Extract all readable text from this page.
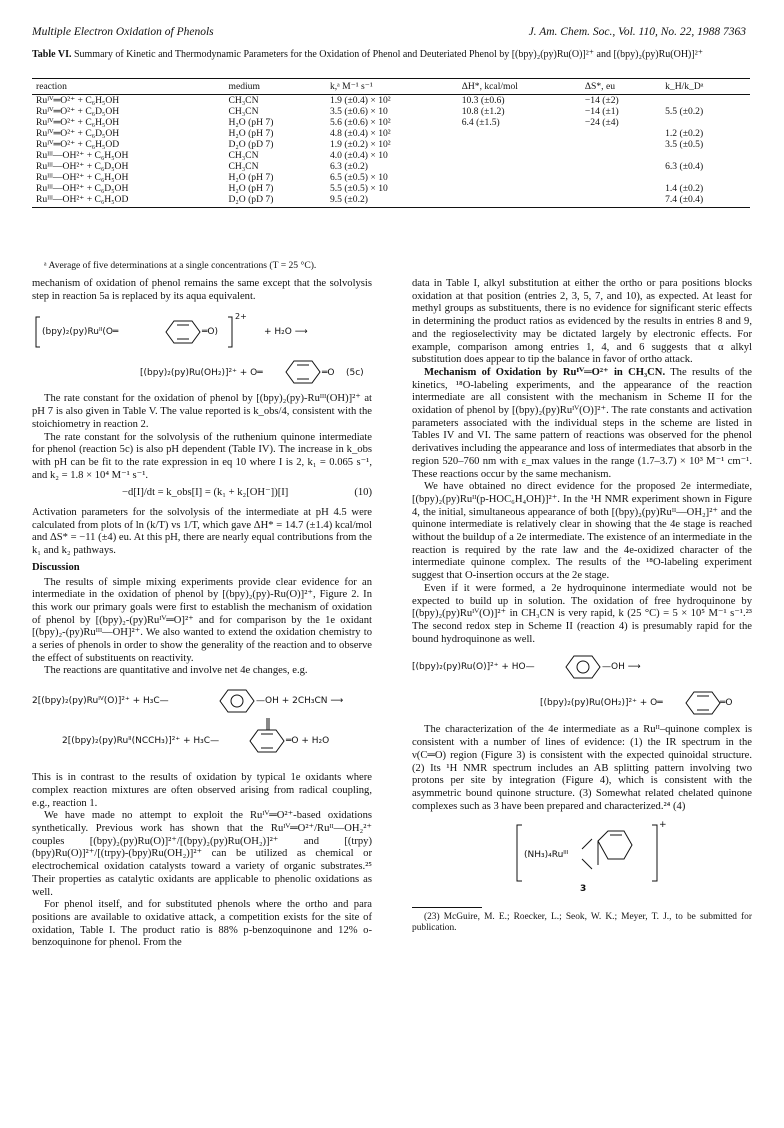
Multiple Electron Oxidation of Phenols	J. Am. Chem. Soc., Vol. 110, No. 22, 1988 7363
Table VI. Summary of Kinetic and Thermodynamic Parameters for the Oxidation of Phenol and Deuteriated Phenol by [(bpy)₂(py)Ru(O)]²⁺ and [(bpy)₂(py)Ru(OH)]²⁺
reaction	medium	k,ᵃ M⁻¹ s⁻¹	ΔH*, kcal/mol	ΔS*, eu	k_H/k_Dᵃ
Ruᴵⱽ═O²⁺ + C₆H₅OH	CH₃CN	1.9 (±0.4) × 10²	10.3 (±0.6)	−14 (±2)	
Ruᴵⱽ═O²⁺ + C₆D₅OH	CH₃CN	3.5 (±0.6) × 10	10.8 (±1.2)	−14 (±1)	5.5 (±0.2)
Ruᴵⱽ═O²⁺ + C₆H₅OH	H₂O (pH 7)	5.6 (±0.6) × 10²	6.4 (±1.5)	−24 (±4)	
Ruᴵⱽ═O²⁺ + C₆D₅OH	H₂O (pH 7)	4.8 (±0.4) × 10²			1.2 (±0.2)
Ruᴵⱽ═O²⁺ + C₆H₅OD	D₂O (pD 7)	1.9 (±0.2) × 10²			3.5 (±0.5)
Ruᴵᴵᴵ—OH²⁺ + C₆H₅OH	CH₃CN	4.0 (±0.4) × 10			
Ruᴵᴵᴵ—OH²⁺ + C₆D₅OH	CH₃CN	6.3 (±0.2)			6.3 (±0.4)
Ruᴵᴵᴵ—OH²⁺ + C₆H₅OH	H₂O (pH 7)	6.5 (±0.5) × 10			
Ruᴵᴵᴵ—OH²⁺ + C₆D₅OH	H₂O (pH 7)	5.5 (±0.5) × 10			1.4 (±0.2)
Ruᴵᴵᴵ—OH²⁺ + C₆H₅OD	D₂O (pD 7)	9.5 (±0.2)			7.4 (±0.4)
ᵃ Average of five determinations at a single concentrations (T = 25 °C).

mechanism of oxidation of phenol remains the same except that the solvolysis step in reaction 5a is replaced by its aqua equivalent.

(bpy)₂(py)Ruᴵᴵ(O═	═O)
2+
+ H₂O ⟶
[(bpy)₂(py)Ru(OH₂)]²⁺ + O═	═O (5c)

The rate constant for the oxidation of phenol by [(bpy)₂(py)-Ruᴵᴵᴵ(OH)]²⁺ at pH 7 is also given in Table V. The value reported is k_obs/4, consistent with the stoichiometry in reaction 2.

The rate constant for the solvolysis of the ruthenium quinone intermediate for phenol (reaction 5c) is also pH dependent (Table IV). The increase in k_obs with pH can be fit to the rate expression in eq 10 where I is 2, k₁ = 0.065 s⁻¹, and k₂ = 1.8 × 10⁴ M⁻¹ s⁻¹.

−d[I]/dt = k_obs[I] = (k₁ + k₂[OH⁻])[I]	(10)

Activation parameters for the solvolysis of the intermediate at pH 4.5 were calculated from plots of ln (k/T) vs 1/T, which gave ΔH* = 14.7 (±1.4) kcal/mol and ΔS* = −11 (±4) eu. At this pH, there are nearly equal contributions from the k₁ and k₂ pathways.

Discussion

The results of simple mixing experiments provide clear evidence for an intermediate in the oxidation of phenol by [(bpy)₂(py)-Ru(O)]²⁺, Figure 2. In this work our primary goals were first to establish the mechanism of oxidation of phenol by [(bpy)₂-(py)Ruᴵⱽ═O]²⁺ and for comparison by the 1e oxidant [(bpy)₂-(py)Ruᴵᴵᴵ—OH]²⁺. We also wanted to extend the oxidation chemistry to a series of phenols in order to show the generality of the reaction and to observe the effect of substituents on reactivity.

The reactions are quantitative and involve net 4e changes, e.g.

2[(bpy)₂(py)Ruᴵⱽ(O)]²⁺ + H₃C—	—OH + 2CH₃CN ⟶
2[(bpy)₂(py)Ruᴵᴵ(NCCH₃)]²⁺ + H₃C—	═O + H₂O

This is in contrast to the results of oxidation by typical 1e oxidants where complex reaction mixtures are often observed arising from radical coupling, e.g., reaction 1.

We have made no attempt to exploit the Ruᴵⱽ═O²⁺-based oxidations synthetically. Previous work has shown that the Ruᴵⱽ═O²⁺/Ruᴵᴵ—OH₂²⁺ couples [(bpy)₂(py)Ru(O)]²⁺/[(bpy)₂(py)Ru(OH₂)]²⁺ and [(trpy)(bpy)Ru(O)]²⁺/[(trpy)-(bpy)Ru(OH₂)]²⁺ can be utilized as chemical or electrochemical oxidation catalysts toward a variety of organic substrates.²⁵ Their properties as catalytic oxidants are applicable to phenolic oxidations as well.

For phenol itself, and for substituted phenols where the ortho and para positions are available to oxidative attack, a competition exists for the site of oxidation, Table I. The product ratio is 88% p-benzoquinone and 12% o-benzoquinone for phenol. From the

data in Table I, alkyl substitution at either the ortho or para positions blocks oxidation at that position (entries 2, 3, 5, 7, and 10), as expected. At least for methyl groups as substituents, there is no evidence for significant steric effects in determining the product ratios as evidenced by the results in entries 8 and 9, and the regioselectivity may be dictated largely by electronic effects. For example, comparison among entries 1, 4, and 6 suggests that α alkyl substitution does appear to tip the balance in favor of ortho attack.

Mechanism of Oxidation by Ruᴵⱽ═O²⁺ in CH₃CN. The results of the kinetics, ¹⁸O-labeling experiments, and the appearance of the reaction intermediate are all consistent with the mechanism in Scheme II for the oxidation of phenol by [(bpy)₂(py)Ruᴵⱽ(O)]²⁺. The rate constants and activation parameters associated with the individual steps in the scheme are listed in Tables IV and VI. The same pattern of reactions was observed for the phenol derivatives including the appearance and loss of intermediates that absorb in the region 520–760 nm with ε_max values in the range (1.7–3.7) × 10³ M⁻¹ cm⁻¹. These reactions occur by the same mechanism.

We have obtained no direct evidence for the proposed 2e intermediate, [(bpy)₂(py)Ruᴵᴵ(p-HOC₆H₄OH)]²⁺. In the ¹H NMR experiment shown in Figure 4, the initial, simultaneous appearance of both [(bpy)₂(py)Ruᴵᴵ—OH₂]²⁺ and the quinone intermediate is relatively clear in showing that the 4e stage is reached without the buildup of a 2e intermediate. The existence of an intermediate in the reaction is required by the rate law and the 4e-oxidized character of the intermediate quinone complex. The results of the ¹⁸O-labeling experiment suggest that O-insertion occurs at the 2e stage.

Even if it were formed, a 2e hydroquinone intermediate would not be expected to build up in solution. The oxidation of free hydroquinone by [(bpy)₂(py)Ruᴵⱽ(O)]²⁺ in CH₃CN is very rapid, k (25 °C) = 5 × 10⁵ M⁻¹ s⁻¹.²³ The second redox step in Scheme II (reaction 4) is presumably rapid for the bound hydroquinone as well.

[(bpy)₂(py)Ru(O)]²⁺ + HO—	—OH ⟶
[(bpy)₂(py)Ru(OH₂)]²⁺ + O═	═O

The characterization of the 4e intermediate as a Ruᴵᴵ–quinone complex is consistent with a number of lines of evidence: (1) the IR spectrum in the ν(C═O) region (Figure 3) is consistent with the expected quinoidal structure. (2) Its ¹H NMR spectrum includes an AB splitting pattern involving two protons per site by integration (Figure 4), which is consistent with the asymmetric bound quinone structure. (3) Somewhat related chelated quinone complexes such as 3 have been prepared and characterized.²⁴ (4)

(NH₃)₄Ruᴵᴵᴵ
+
3

(23) McGuire, M. E.; Roecker, L.; Seok, W. K.; Meyer, T. J., to be submitted for publication.
